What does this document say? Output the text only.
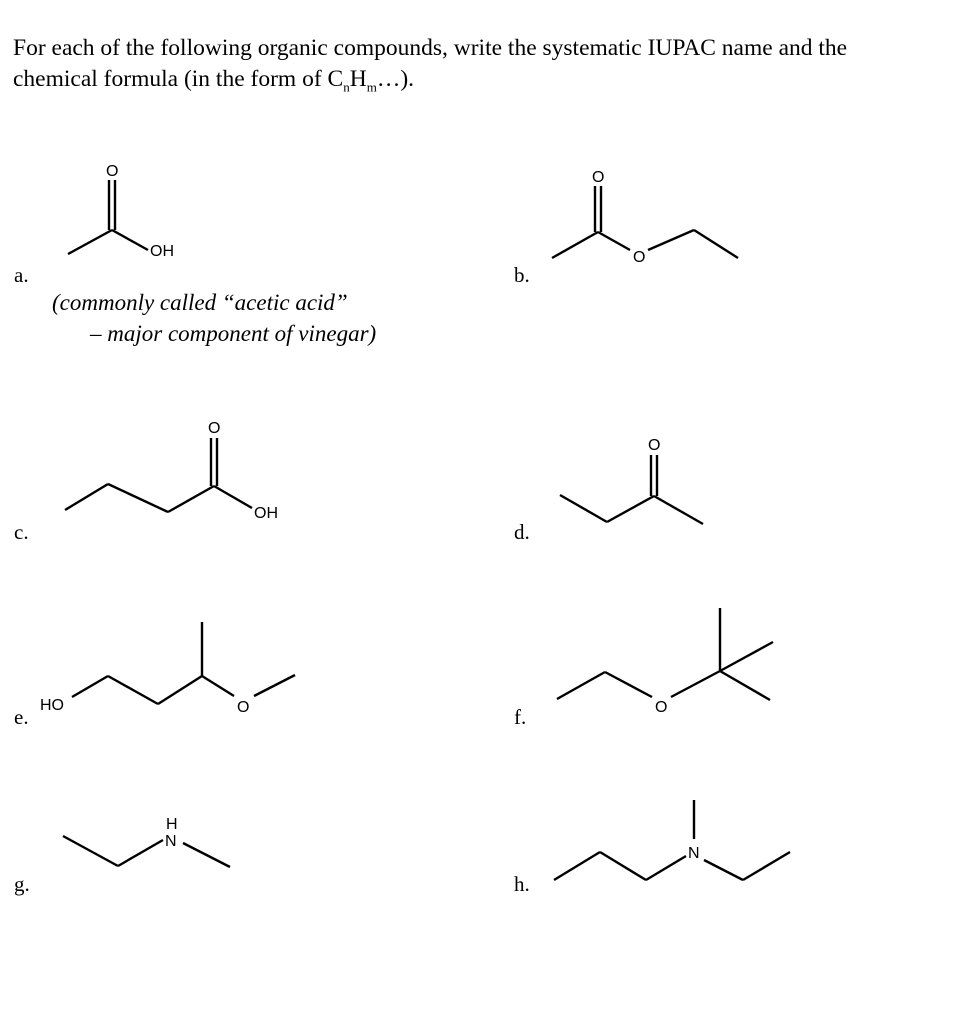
For each of the following organic compounds, write the systematic IUPAC name and the
chemical formula (in the form of $C_nH_m\dots$).

a.	b.
c.	d.
e.	f.
g.	h.
(commonly called “acetic acid”
– major component of vinegar)
O
OH
O
O
O
OH
O
HO	O	O
H
N
N
